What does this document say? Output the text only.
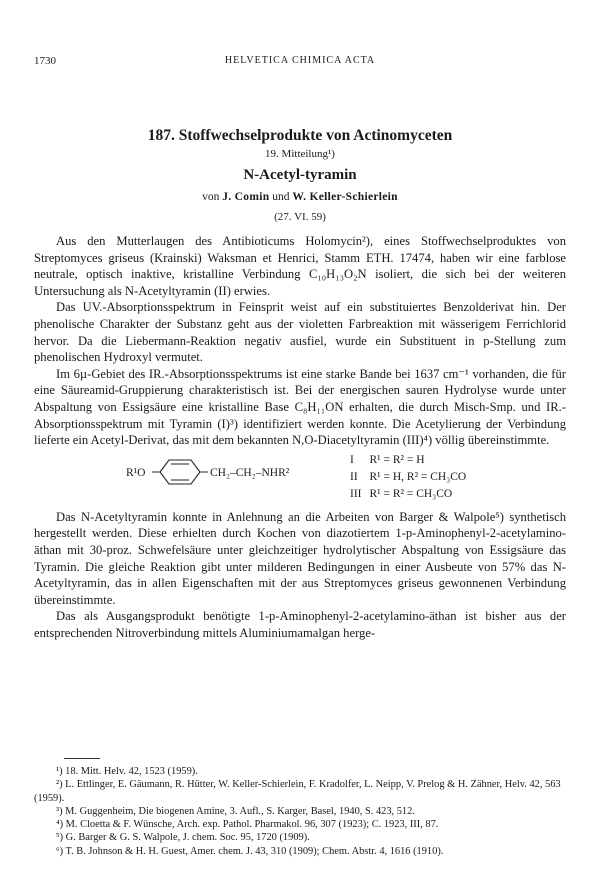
1730	HELVETICA CHIMICA ACTA
187. Stoffwechselprodukte von Actinomyceten
19. Mitteilung¹)
N-Acetyl-tyramin
von J. Comin und W. Keller-Schierlein
(27. VI. 59)

Aus den Mutterlaugen des Antibioticums Holomycin²), eines Stoffwechselproduktes von Streptomyces griseus (Krainski) Waksman et Henrici, Stamm ETH. 17474, haben wir eine farblose neutrale, optisch inaktive, kristalline Verbindung C₁₀H₁₃O₂N isoliert, die sich bei der weiteren Untersuchung als N-Acetyltyramin (II) erwies.

Das UV.-Absorptionsspektrum in Feinsprit weist auf ein substituiertes Benzolderivat hin. Der phenolische Charakter der Substanz geht aus der violetten Farbreaktion mit wässerigem Ferrichlorid hervor. Da die Liebermann-Reaktion negativ ausfiel, wurde ein Substituent in p-Stellung zum phenolischen Hydroxyl vermutet.

Im 6µ-Gebiet des IR.-Absorptionsspektrums ist eine starke Bande bei 1637 cm⁻¹ vorhanden, die für eine Säureamid-Gruppierung charakteristisch ist. Bei der energischen sauren Hydrolyse wurde unter Abspaltung von Essigsäure eine kristalline Base C₈H₁₁ON erhalten, die durch Misch-Smp. und IR.-Absorptionsspektrum mit Tyramin (I)³) identifiziert werden konnte. Die Acetylierung der Verbindung lieferte ein Acetyl-Derivat, das mit dem bekannten N,O-Diacetyltyramin (III)⁴) völlig übereinstimmte.

R¹O	CH₂–CH₂–NHR²
I	R¹ = R² = H
II	R¹ = H, R² = CH₃CO
III	R¹ = R² = CH₃CO

Das N-Acetyltyramin konnte in Anlehnung an die Arbeiten von Barger & Walpole⁵) synthetisch hergestellt werden. Diese erhielten durch Kochen von diazotiertem 1-p-Aminophenyl-2-acetylamino-äthan mit 30-proz. Schwefelsäure unter gleichzeitiger hydrolytischer Abspaltung von Essigsäure das Tyramin. Die gleiche Reaktion gibt unter milderen Bedingungen in einer Ausbeute von 57% das N-Acetyltyramin, das in allen Eigenschaften mit der aus Streptomyces griseus gewonnenen Verbindung übereinstimmte.

Das als Ausgangsprodukt benötigte 1-p-Aminophenyl-2-acetylamino-äthan ist bisher aus der entsprechenden Nitroverbindung mittels Aluminiumamalgan herge-

¹) 18. Mitt. Helv. 42, 1523 (1959).
²) L. Ettlinger, E. Gäumann, R. Hütter, W. Keller-Schierlein, F. Kradolfer, L. Neipp, V. Prelog & H. Zähner, Helv. 42, 563 (1959).
³) M. Guggenheim, Die biogenen Amine, 3. Aufl., S. Karger, Basel, 1940, S. 423, 512.
⁴) M. Cloetta & F. Wünsche, Arch. exp. Pathol. Pharmakol. 96, 307 (1923); C. 1923, III, 87.
⁵) G. Barger & G. S. Walpole, J. chem. Soc. 95, 1720 (1909).
⁶) T. B. Johnson & H. H. Guest, Amer. chem. J. 43, 310 (1909); Chem. Abstr. 4, 1616 (1910).
